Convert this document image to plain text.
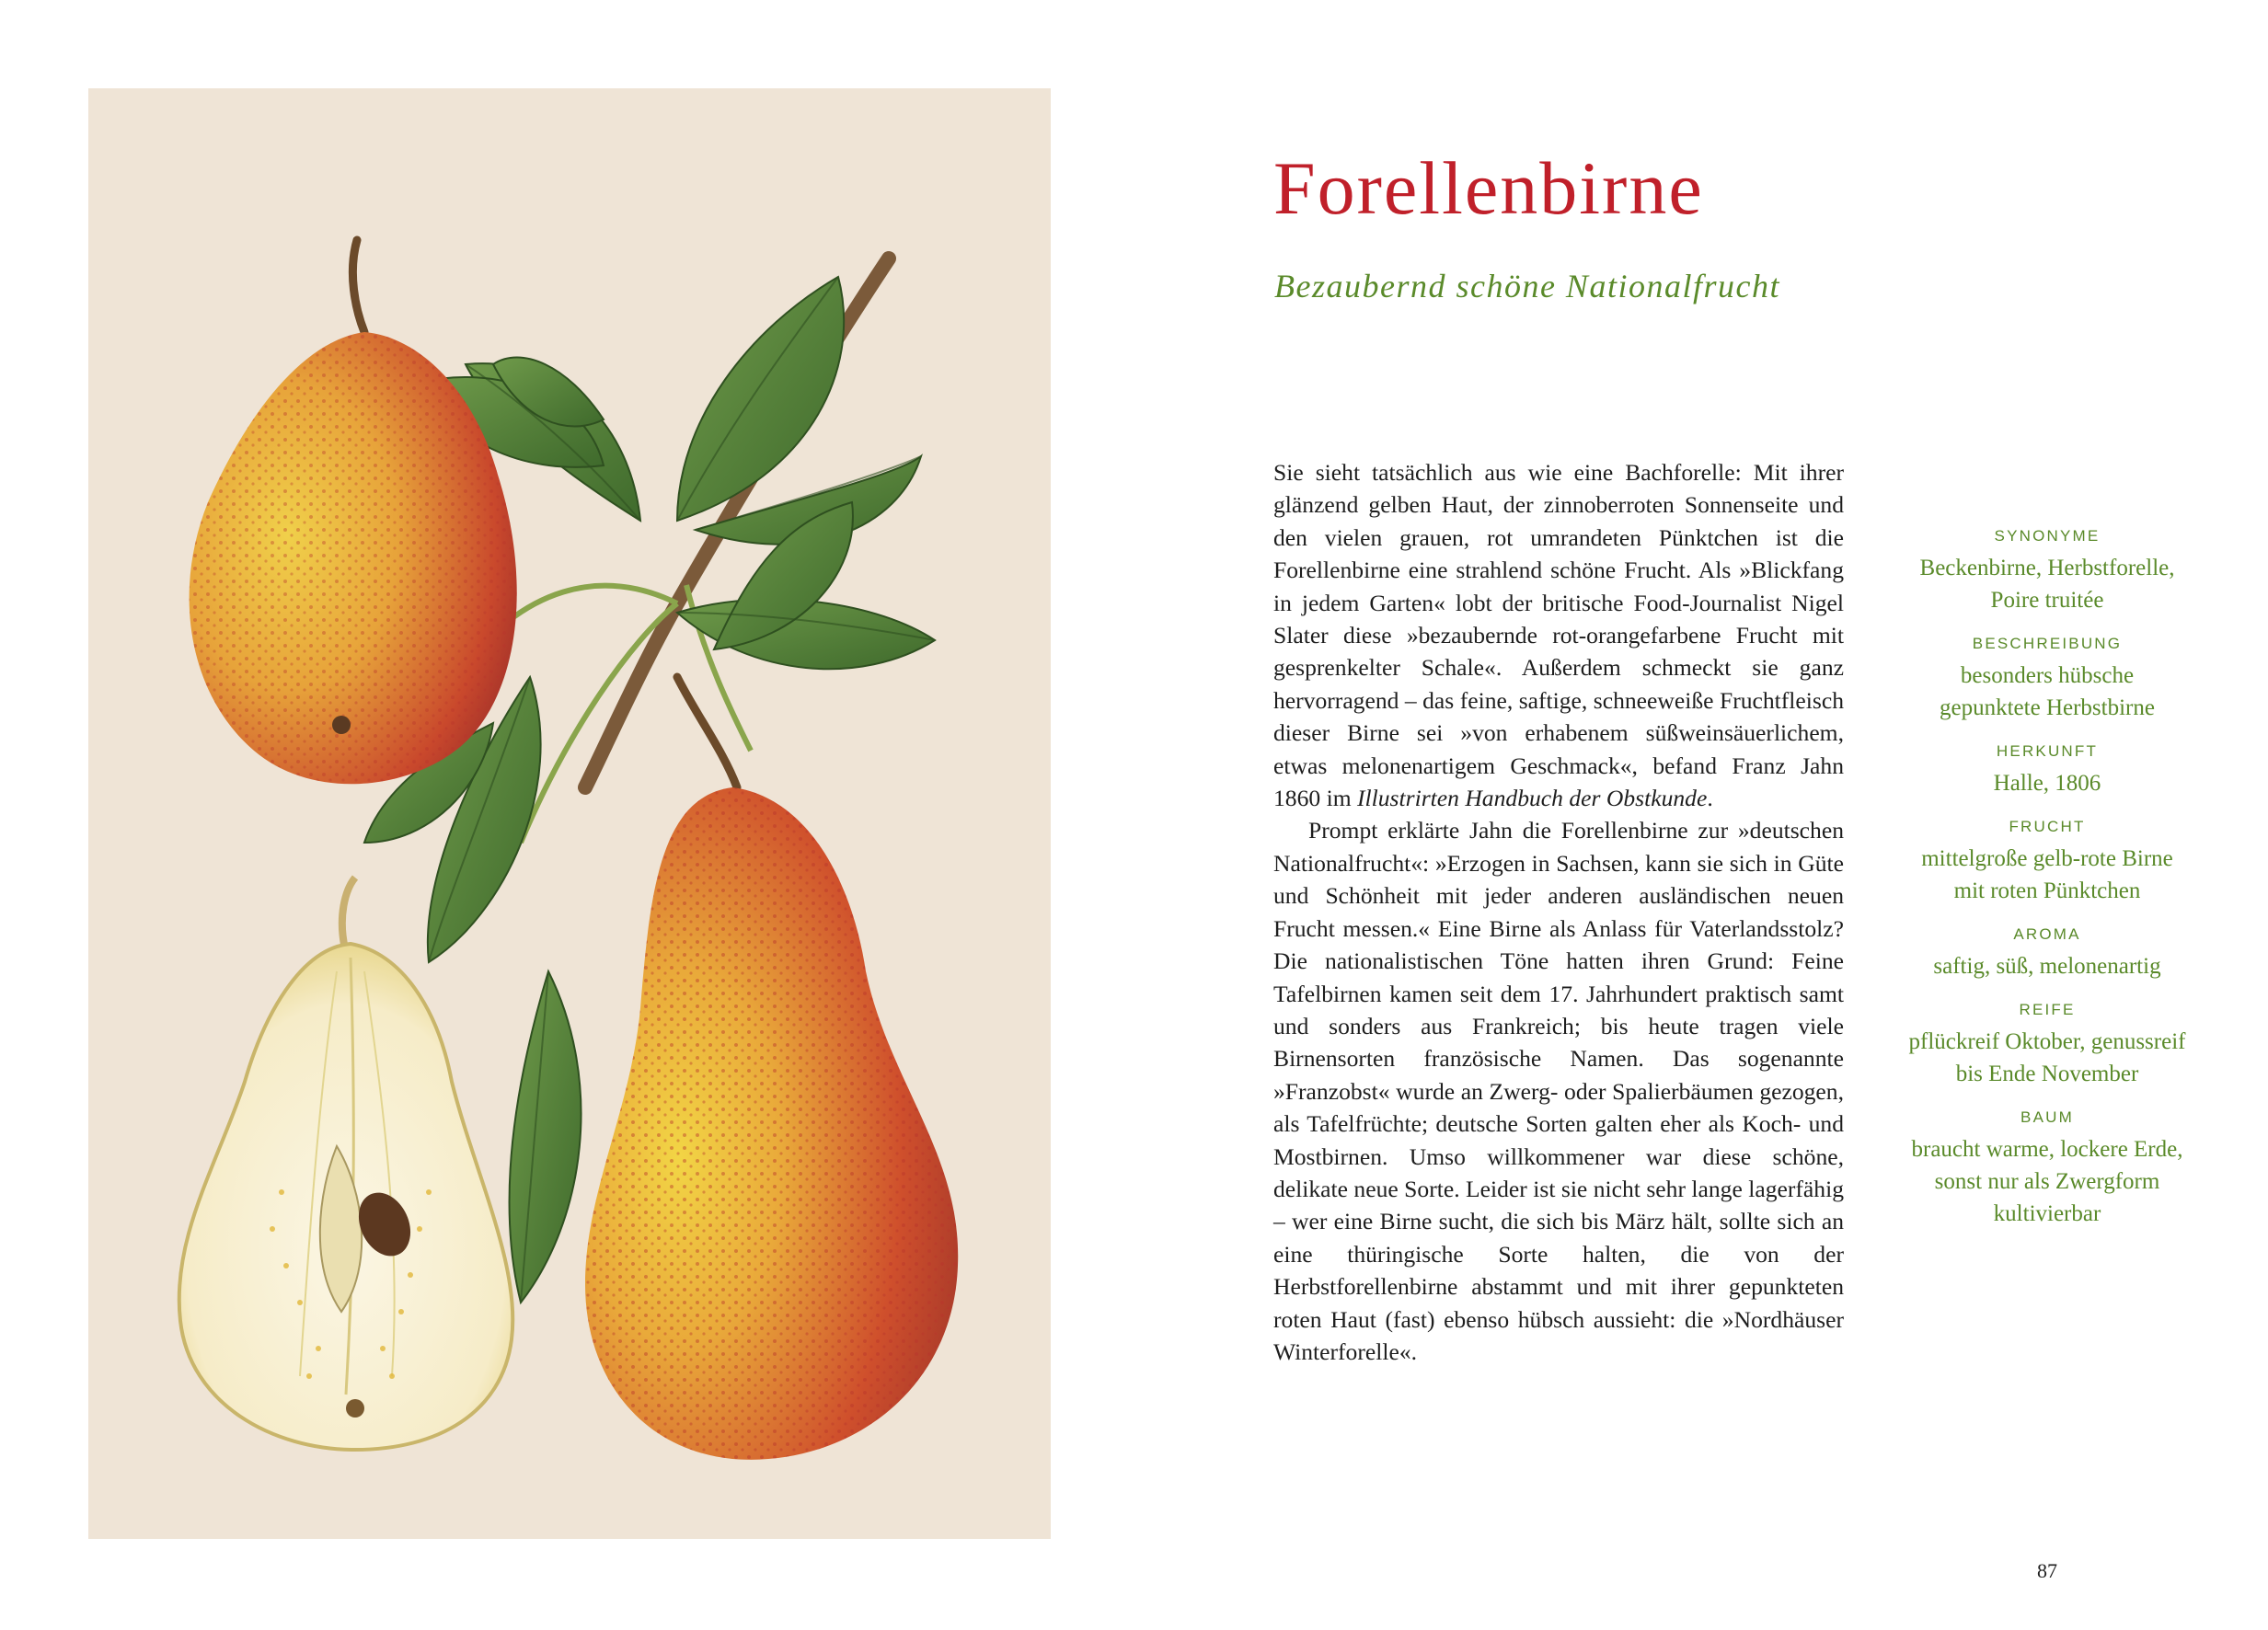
Forellenbirne
Bezaubernd schöne Nationalfrucht

Sie sieht tatsächlich aus wie eine Bachforelle: Mit ihrer glänzend gelben Haut, der zinnoberroten Sonnenseite und den vielen grauen, rot umrandeten Pünktchen ist die Forellenbirne eine strahlend schöne Frucht. Als »Blickfang in jedem Garten« lobt der britische Food-Journalist Nigel Slater diese »bezaubernde rot-orangefarbene Frucht mit gesprenkelter Schale«. Außerdem schmeckt sie ganz hervorragend – das feine, saftige, schneeweiße Fruchtfleisch dieser Birne sei »von erhabenem süßweinsäuerlichem, etwas melonenartigem Geschmack«, befand Franz Jahn 1860 im Illustrirten Handbuch der Obstkunde.

Prompt erklärte Jahn die Forellenbirne zur »deutschen Nationalfrucht«: »Erzogen in Sachsen, kann sie sich in Güte und Schönheit mit jeder anderen ausländischen neuen Frucht messen.« Eine Birne als Anlass für Vaterlandsstolz? Die nationalistischen Töne hatten ihren Grund: Feine Tafelbirnen kamen seit dem 17. Jahrhundert praktisch samt und sonders aus Frankreich; bis heute tragen viele Birnensorten französische Namen. Das sogenannte »Franzobst« wurde an Zwerg- oder Spalierbäumen gezogen, als Tafelfrüchte; deutsche Sorten galten eher als Koch- und Mostbirnen. Umso willkommener war diese schöne, delikate neue Sorte. Leider ist sie nicht sehr lange lagerfähig – wer eine Birne sucht, die sich bis März hält, sollte sich an eine thüringische Sorte halten, die von der Herbstforellenbirne abstammt und mit ihrer gepunkteten roten Haut (fast) ebenso hübsch aussieht: die »Nordhäuser Winterforelle«.

SYNONYME
Beckenbirne, Herbstforelle,
Poire truitée
BESCHREIBUNG
besonders hübsche
gepunktete Herbstbirne
HERKUNFT
Halle, 1806
FRUCHT
mittelgroße gelb-rote Birne
mit roten Pünktchen
AROMA
saftig, süß, melonenartig
REIFE
pflückreif Oktober, genussreif
bis Ende November
BAUM
braucht warme, lockere Erde,
sonst nur als Zwergform
kultivierbar
87
